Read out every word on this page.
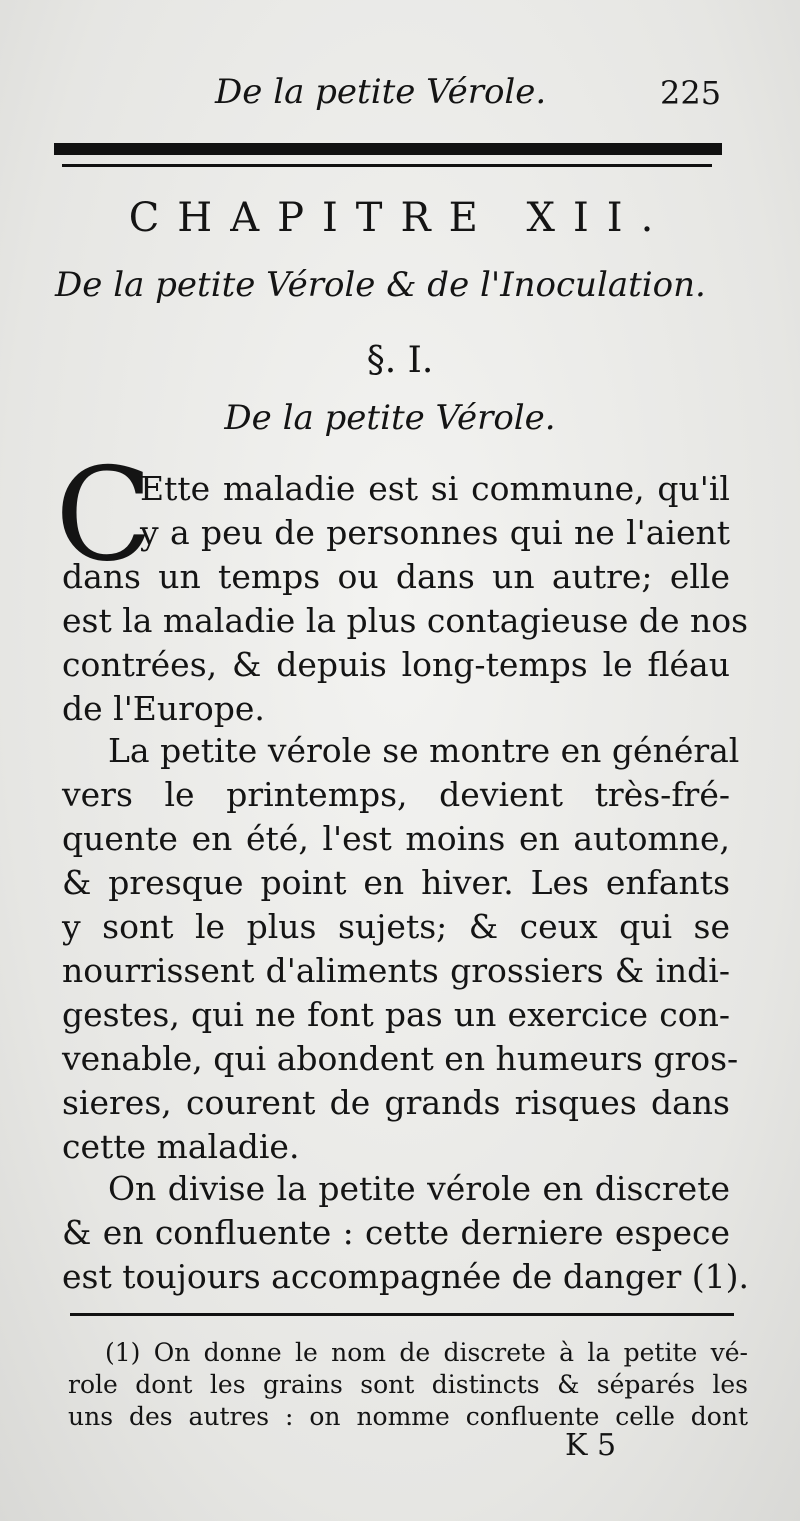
De la petite Vérole.	225
CHAPITRE XII.
De la petite Vérole & de l'Inoculation.
§. I.
De la petite Vérole.
C
Ette maladie est si commune, qu'il
y a peu de personnes qui ne l'aient
dans un temps ou dans un autre; elle
est la maladie la plus contagieuse de nos
contrées, & depuis long-temps le fléau
de l'Europe.
La petite vérole se montre en général
vers le printemps, devient très-fré-
quente en été, l'est moins en automne,
& presque point en hiver. Les enfants
y sont le plus sujets; & ceux qui se
nourrissent d'aliments grossiers & indi-
gestes, qui ne font pas un exercice con-
venable, qui abondent en humeurs gros-
sieres, courent de grands risques dans
cette maladie.
On divise la petite vérole en discrete
& en confluente : cette derniere espece
est toujours accompagnée de danger (1).
(1) On donne le nom de discrete à la petite vé-
role dont les grains sont distincts & séparés les
uns des autres : on nomme confluente celle dont
K 5
